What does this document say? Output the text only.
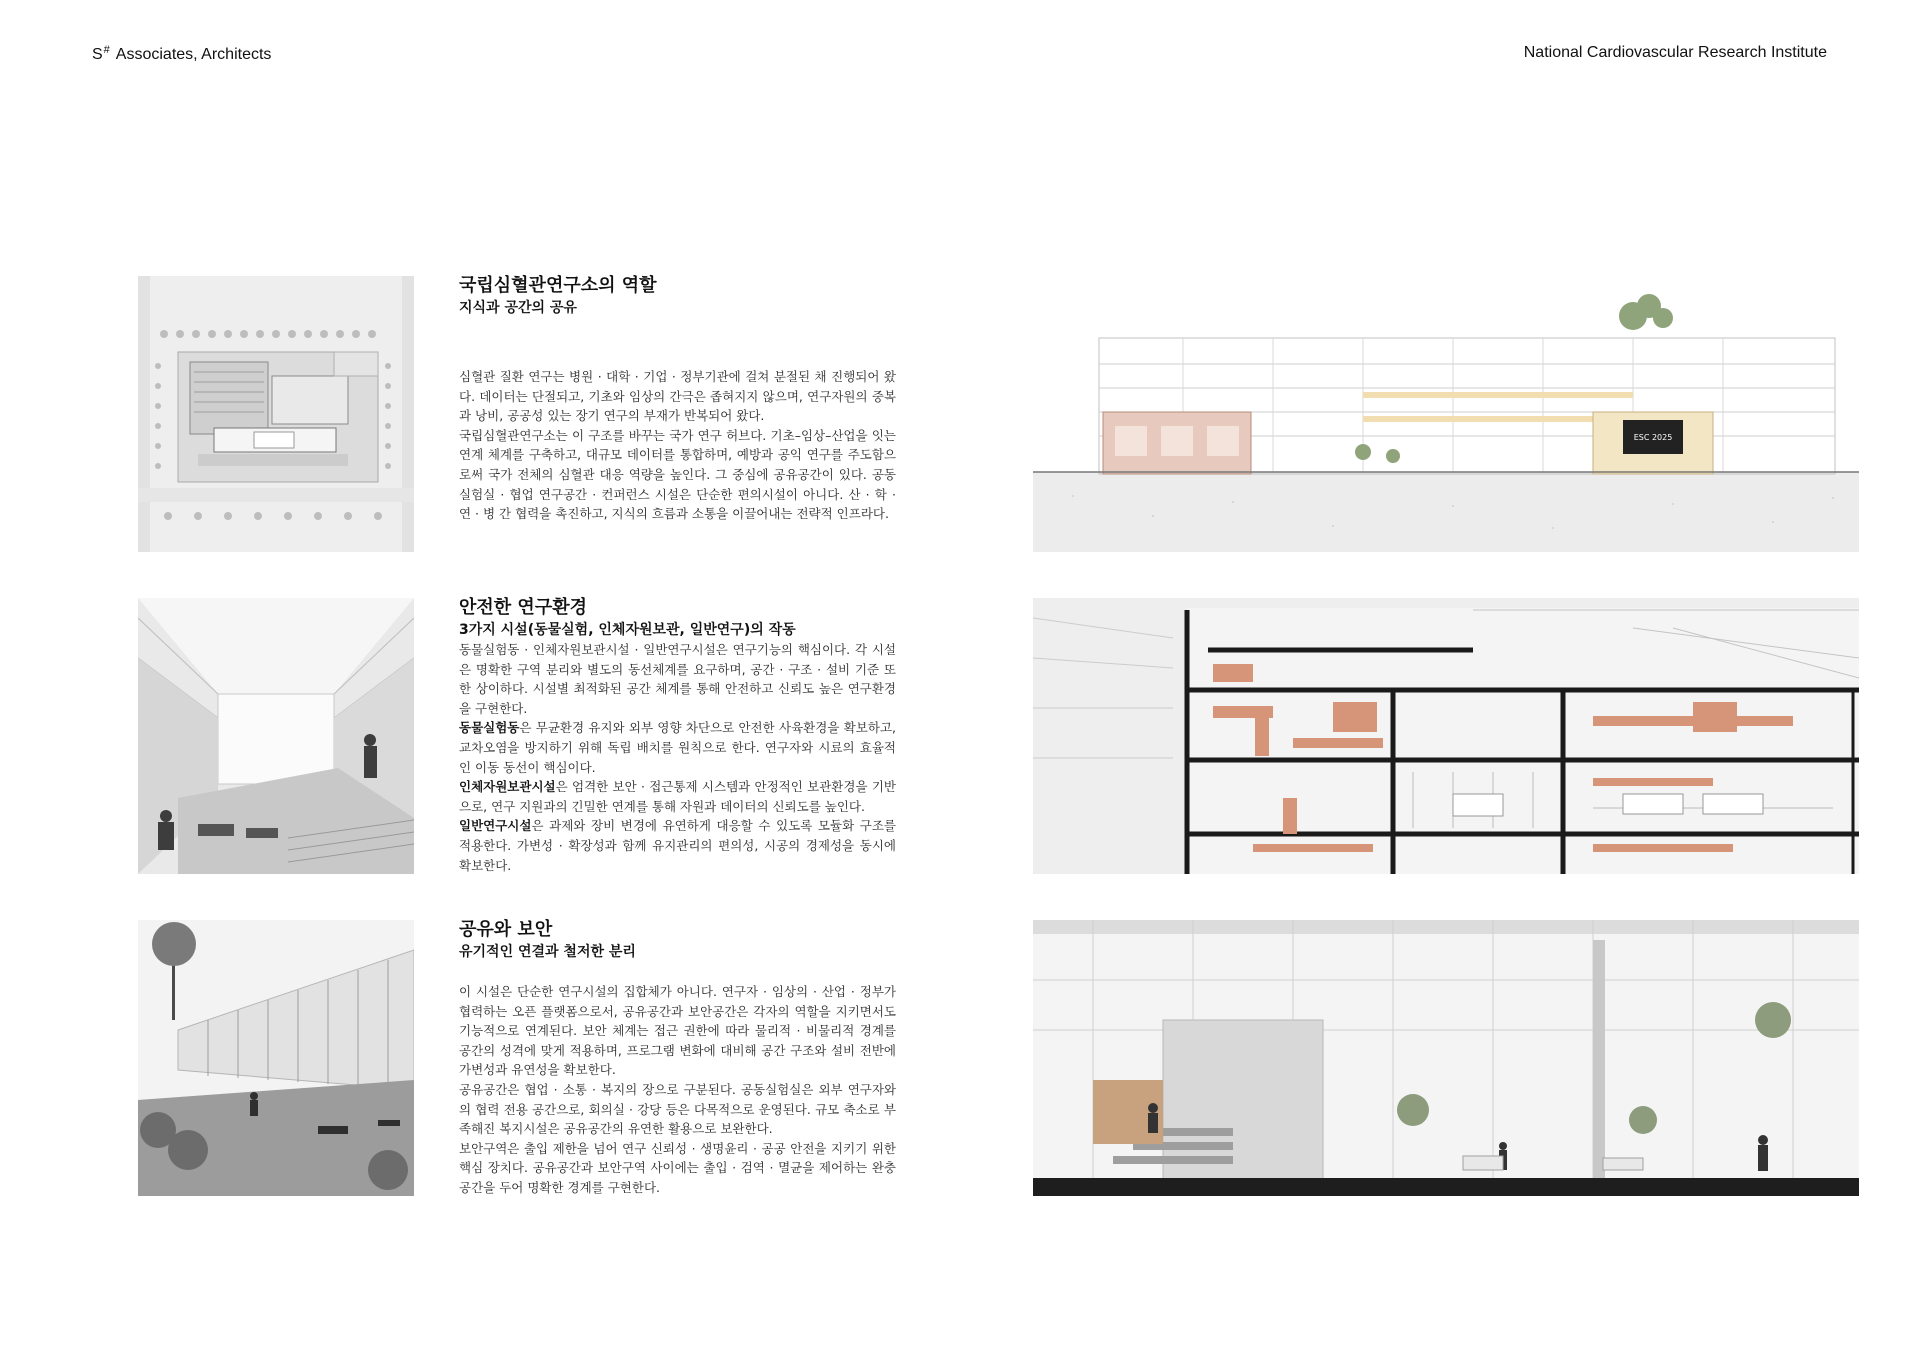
S# Associates, Architects	National Cardiovascular Research Institute
국립심혈관연구소의 역할
지식과 공간의 공유

심혈관 질환 연구는 병원 · 대학 · 기업 · 정부기관에 걸쳐 분절된 채 진행되어 왔다. 데이터는 단절되고, 기초와 임상의 간극은 좁혀지지 않으며, 연구자원의 중복과 낭비, 공공성 있는 장기 연구의 부재가 반복되어 왔다.

국립심혈관연구소는 이 구조를 바꾸는 국가 연구 허브다. 기초–임상–산업을 잇는 연계 체계를 구축하고, 대규모 데이터를 통합하며, 예방과 공익 연구를 주도함으로써 국가 전체의 심혈관 대응 역량을 높인다. 그 중심에 공유공간이 있다. 공동실험실 · 협업 연구공간 · 컨퍼런스 시설은 단순한 편의시설이 아니다. 산 · 학 · 연 · 병 간 협력을 촉진하고, 지식의 흐름과 소통을 이끌어내는 전략적 인프라다.

ESC 2025
안전한 연구환경
3가지 시설(동물실험, 인체자원보관, 일반연구)의 작동

동물실험동 · 인체자원보관시설 · 일반연구시설은 연구기능의 핵심이다. 각 시설은 명확한 구역 분리와 별도의 동선체계를 요구하며, 공간 · 구조 · 설비 기준 또한 상이하다. 시설별 최적화된 공간 체계를 통해 안전하고 신뢰도 높은 연구환경을 구현한다.

동물실험동은 무균환경 유지와 외부 영향 차단으로 안전한 사육환경을 확보하고, 교차오염을 방지하기 위해 독립 배치를 원칙으로 한다. 연구자와 시료의 효율적인 이동 동선이 핵심이다.

인체자원보관시설은 엄격한 보안 · 접근통제 시스템과 안정적인 보관환경을 기반으로, 연구 지원과의 긴밀한 연계를 통해 자원과 데이터의 신뢰도를 높인다.

일반연구시설은 과제와 장비 변경에 유연하게 대응할 수 있도록 모듈화 구조를 적용한다. 가변성 · 확장성과 함께 유지관리의 편의성, 시공의 경제성을 동시에 확보한다.

공유와 보안
유기적인 연결과 철저한 분리

이 시설은 단순한 연구시설의 집합체가 아니다. 연구자 · 임상의 · 산업 · 정부가 협력하는 오픈 플랫폼으로서, 공유공간과 보안공간은 각자의 역할을 지키면서도 기능적으로 연계된다. 보안 체계는 접근 권한에 따라 물리적 · 비물리적 경계를 공간의 성격에 맞게 적용하며, 프로그램 변화에 대비해 공간 구조와 설비 전반에 가변성과 유연성을 확보한다.

공유공간은 협업 · 소통 · 복지의 장으로 구분된다. 공동실험실은 외부 연구자와의 협력 전용 공간으로, 회의실 · 강당 등은 다목적으로 운영된다. 규모 축소로 부족해진 복지시설은 공유공간의 유연한 활용으로 보완한다.

보안구역은 출입 제한을 넘어 연구 신뢰성 · 생명윤리 · 공공 안전을 지키기 위한 핵심 장치다. 공유공간과 보안구역 사이에는 출입 · 검역 · 멸균을 제어하는 완충공간을 두어 명확한 경계를 구현한다.
